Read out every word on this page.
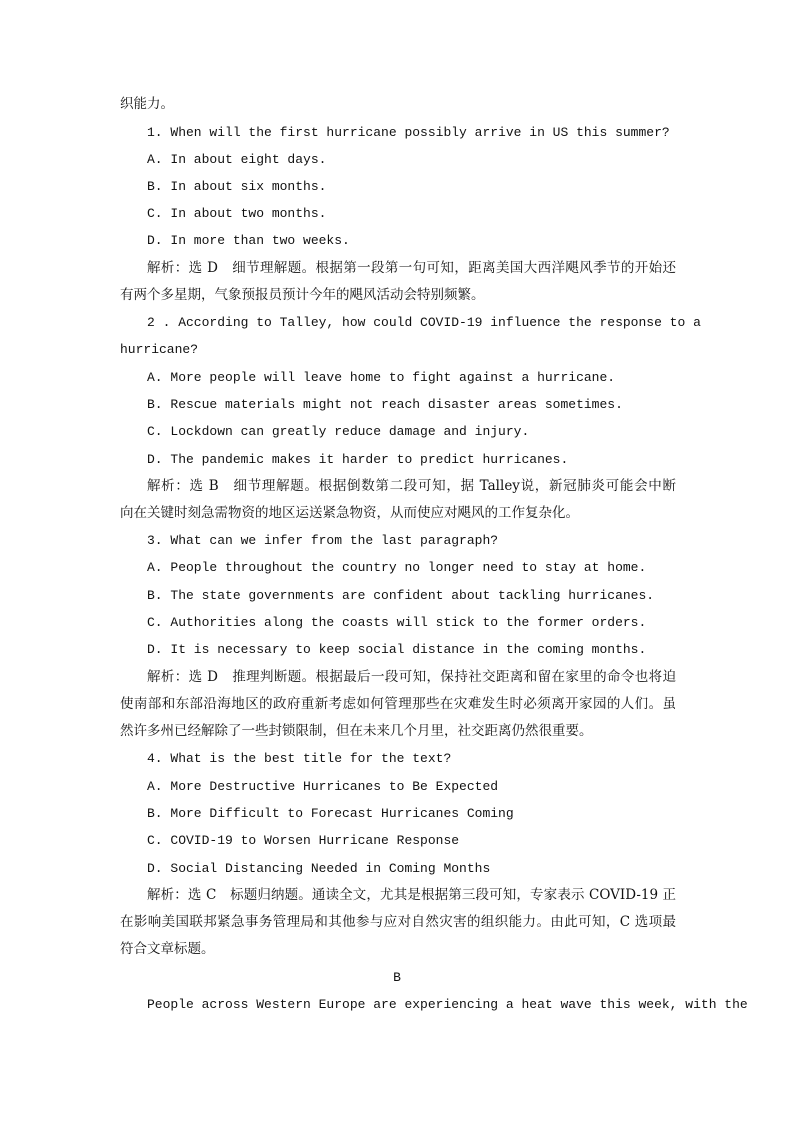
织能力。
1. When will the first hurricane possibly arrive in US this summer?
A. In about eight days.
B. In about six months.
C. In about two months.
D. In more than two weeks.
解析：选 D　细节理解题。根据第一段第一句可知，距离美国大西洋飓风季节的开始还
有两个多星期，气象预报员预计今年的飓风活动会特别频繁。
2 . According to Talley, how could COVID-19 influence the response to a
hurricane?
A. More people will leave home to fight against a hurricane.
B. Rescue materials might not reach disaster areas sometimes.
C. Lockdown can greatly reduce damage and injury.
D. The pandemic makes it harder to predict hurricanes.
解析：选 B　细节理解题。根据倒数第二段可知，据 Talley说，新冠肺炎可能会中断
向在关键时刻急需物资的地区运送紧急物资，从而使应对飓风的工作复杂化。
3. What can we infer from the last paragraph?
A. People throughout the country no longer need to stay at home.
B. The state governments are confident about tackling hurricanes.
C. Authorities along the coasts will stick to the former orders.
D. It is necessary to keep social distance in the coming months.
解析：选 D　推理判断题。根据最后一段可知，保持社交距离和留在家里的命令也将迫
使南部和东部沿海地区的政府重新考虑如何管理那些在灾难发生时必须离开家园的人们。虽
然许多州已经解除了一些封锁限制，但在未来几个月里，社交距离仍然很重要。
4. What is the best title for the text?
A. More Destructive Hurricanes to Be Expected
B. More Difficult to Forecast Hurricanes Coming
C. COVID-19 to Worsen Hurricane Response
D. Social Distancing Needed in Coming Months
解析：选 C　标题归纳题。通读全文，尤其是根据第三段可知，专家表示 COVID-19 正
在影响美国联邦紧急事务管理局和其他参与应对自然灾害的组织能力。由此可知，C 选项最
符合文章标题。
B
People across Western Europe are experiencing a heat wave this week, with the
